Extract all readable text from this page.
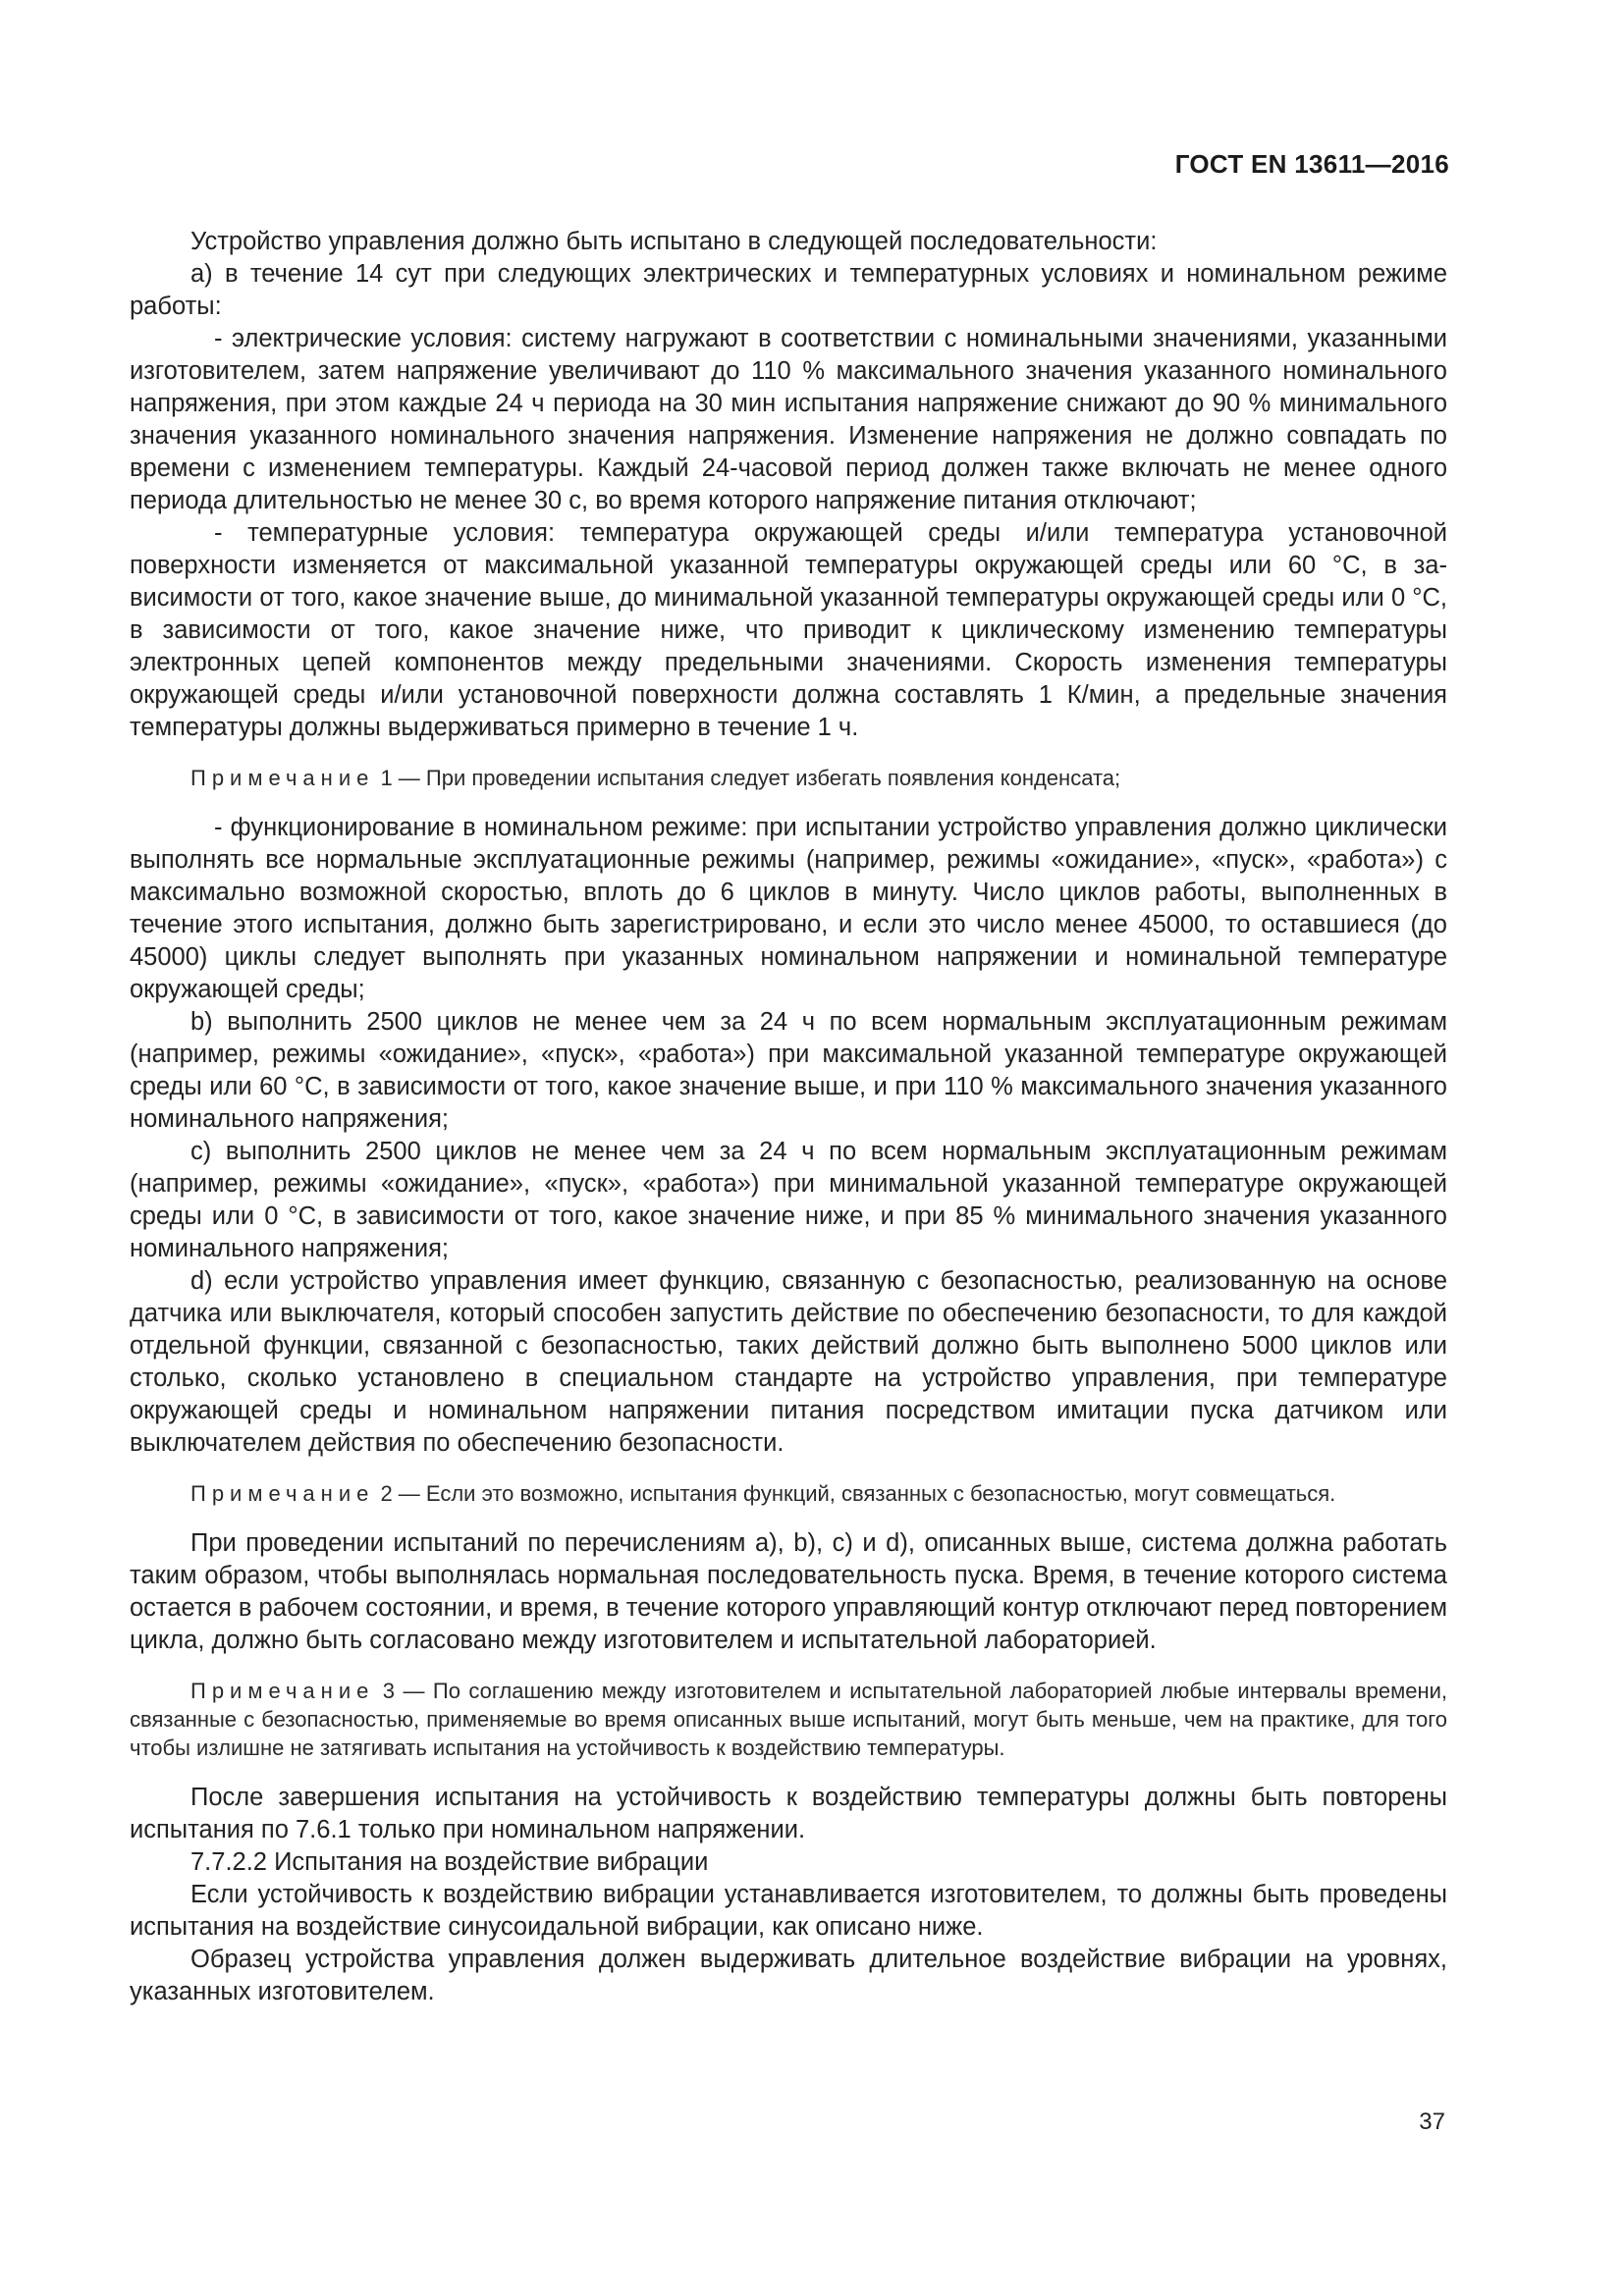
ГОСТ EN 13611—2016

Устройство управления должно быть испытано в следующей последовательности:

а) в течение 14 сут при следующих электрических и температурных условиях и номинальном режиме работы:

- электрические условия: систему нагружают в соответствии с номинальными значениями, указанными изготовителем, затем напряжение увеличивают до 110 % максимального значения указанного номинального напряжения, при этом каждые 24 ч периода на 30 мин испытания напряжение снижают до 90 % минимального значения указанного номинального значения напряжения. Изменение напряжения не должно совпадать по времени с изменением температуры. Каждый 24-часовой период должен также включать не менее одного периода длительностью не менее 30 с, во время которого напряжение питания отключают;

- температурные условия: температура окружающей среды и/или температура установочной поверхности изменяется от максимальной указанной температуры окружающей среды или 60 °С, в зависимости от того, какое значение выше, до минимальной указанной температуры окружающей среды или 0 °С, в зависимости от того, какое значение ниже, что приводит к циклическому изменению температуры электронных цепей компонентов между предельными значениями. Скорость изменения температуры окружающей среды и/или установочной поверхности должна составлять 1 К/мин, а предельные значения температуры должны выдерживаться примерно в течение 1 ч.

Примечание 1 — При проведении испытания следует избегать появления конденсата;

- функционирование в номинальном режиме: при испытании устройство управления должно циклически выполнять все нормальные эксплуатационные режимы (например, режимы «ожидание», «пуск», «работа») с максимально возможной скоростью, вплоть до 6 циклов в минуту. Число циклов работы, выполненных в течение этого испытания, должно быть зарегистрировано, и если это число менее 45000, то оставшиеся (до 45000) циклы следует выполнять при указанных номинальном напряжении и номинальной температуре окружающей среды;

b) выполнить 2500 циклов не менее чем за 24 ч по всем нормальным эксплуатационным режимам (например, режимы «ожидание», «пуск», «работа») при максимальной указанной температуре окружающей среды или 60 °С, в зависимости от того, какое значение выше, и при 110 % максимального значения указанного номинального напряжения;

c) выполнить 2500 циклов не менее чем за 24 ч по всем нормальным эксплуатационным режимам (например, режимы «ожидание», «пуск», «работа») при минимальной указанной температуре окружающей среды или 0 °С, в зависимости от того, какое значение ниже, и при 85 % минимального значения указанного номинального напряжения;

d) если устройство управления имеет функцию, связанную с безопасностью, реализованную на основе датчика или выключателя, который способен запустить действие по обеспечению безопасности, то для каждой отдельной функции, связанной с безопасностью, таких действий должно быть выполнено 5000 циклов или столько, сколько установлено в специальном стандарте на устройство управления, при температуре окружающей среды и номинальном напряжении питания посредством имитации пуска датчиком или выключателем действия по обеспечению безопасности.

Примечание 2 — Если это возможно, испытания функций, связанных с безопасностью, могут совмещаться.

При проведении испытаний по перечислениям а), b), c) и d), описанных выше, система должна работать таким образом, чтобы выполнялась нормальная последовательность пуска. Время, в течение которого система остается в рабочем состоянии, и время, в течение которого управляющий контур отключают перед повторением цикла, должно быть согласовано между изготовителем и испытательной лабораторией.

Примечание 3 — По соглашению между изготовителем и испытательной лабораторией любые интервалы времени, связанные с безопасностью, применяемые во время описанных выше испытаний, могут быть меньше, чем на практике, для того чтобы излишне не затягивать испытания на устойчивость к воздействию температуры.

После завершения испытания на устойчивость к воздействию температуры должны быть повторены испытания по 7.6.1 только при номинальном напряжении.

7.7.2.2 Испытания на воздействие вибрации

Если устойчивость к воздействию вибрации устанавливается изготовителем, то должны быть проведены испытания на воздействие синусоидальной вибрации, как описано ниже.

Образец устройства управления должен выдерживать длительное воздействие вибрации на уровнях, указанных изготовителем.

37
